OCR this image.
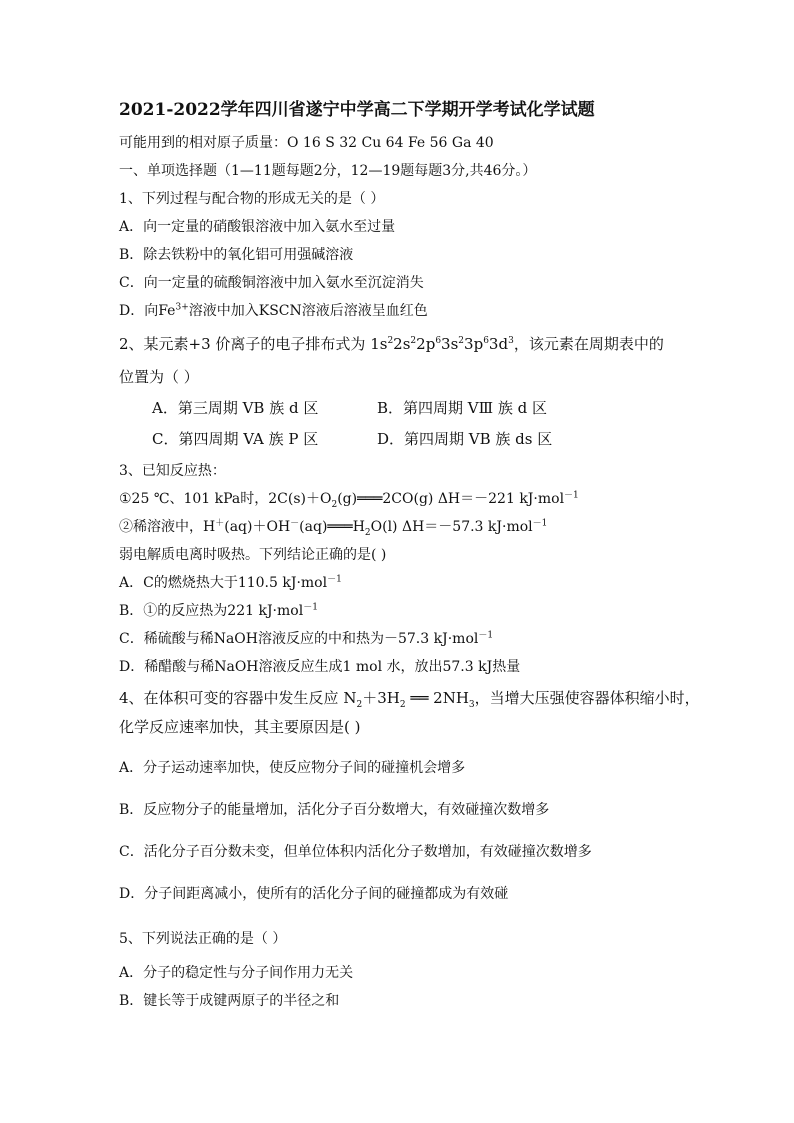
2021-2022学年四川省遂宁中学高二下学期开学考试化学试题
可能用到的相对原子质量：O 16 S 32 Cu 64 Fe 56 Ga 40
一、单项选择题（1—11题每题2分，12—19题每题3分,共46分。）
1、下列过程与配合物的形成无关的是（ ）
A．向一定量的硝酸银溶液中加入氨水至过量
B．除去铁粉中的氧化铝可用强碱溶液
C．向一定量的硫酸铜溶液中加入氨水至沉淀消失
D．向$Fe^{3+}$溶液中加入KSCN溶液后溶液呈血红色
2、某元素+3 价离子的电子排布式为 $1s^22s^22p^63s^23p^63d^3$，该元素在周期表中的
位置为（ ）
A．第三周期 VB 族 d 区	B．第四周期 VⅢ 族 d 区
C．第四周期 VA 族 P 区	D．第四周期 VB 族 ds 区
3、已知反应热：
①25 ℃、101 kPa时，$2C(s)+O_2(g)═══2CO(g)$ ΔH＝－221 kJ·mol$^{-1}$
②稀溶液中，$H^+(aq)+OH^-(aq)═══H_2O(l)$ ΔH＝－57.3 kJ·mol$^{-1}$
弱电解质电离时吸热。下列结论正确的是( )
A．C的燃烧热大于110.5 kJ·mol$^{-1}$
B．①的反应热为221 kJ·mol$^{-1}$
C．稀硫酸与稀NaOH溶液反应的中和热为－57.3 kJ·mol$^{-1}$
D．稀醋酸与稀NaOH溶液反应生成1 mol 水，放出57.3 kJ热量
4、在体积可变的容器中发生反应 $N_2+3H_2$ ══ $2NH_3$，当增大压强使容器体积缩小时，
化学反应速率加快，其主要原因是( )
A．分子运动速率加快，使反应物分子间的碰撞机会增多
B．反应物分子的能量增加，活化分子百分数增大，有效碰撞次数增多
C．活化分子百分数未变，但单位体积内活化分子数增加，有效碰撞次数增多
D．分子间距离减小，使所有的活化分子间的碰撞都成为有效碰
5、下列说法正确的是（ ）
A．分子的稳定性与分子间作用力无关
B．键长等于成键两原子的半径之和
